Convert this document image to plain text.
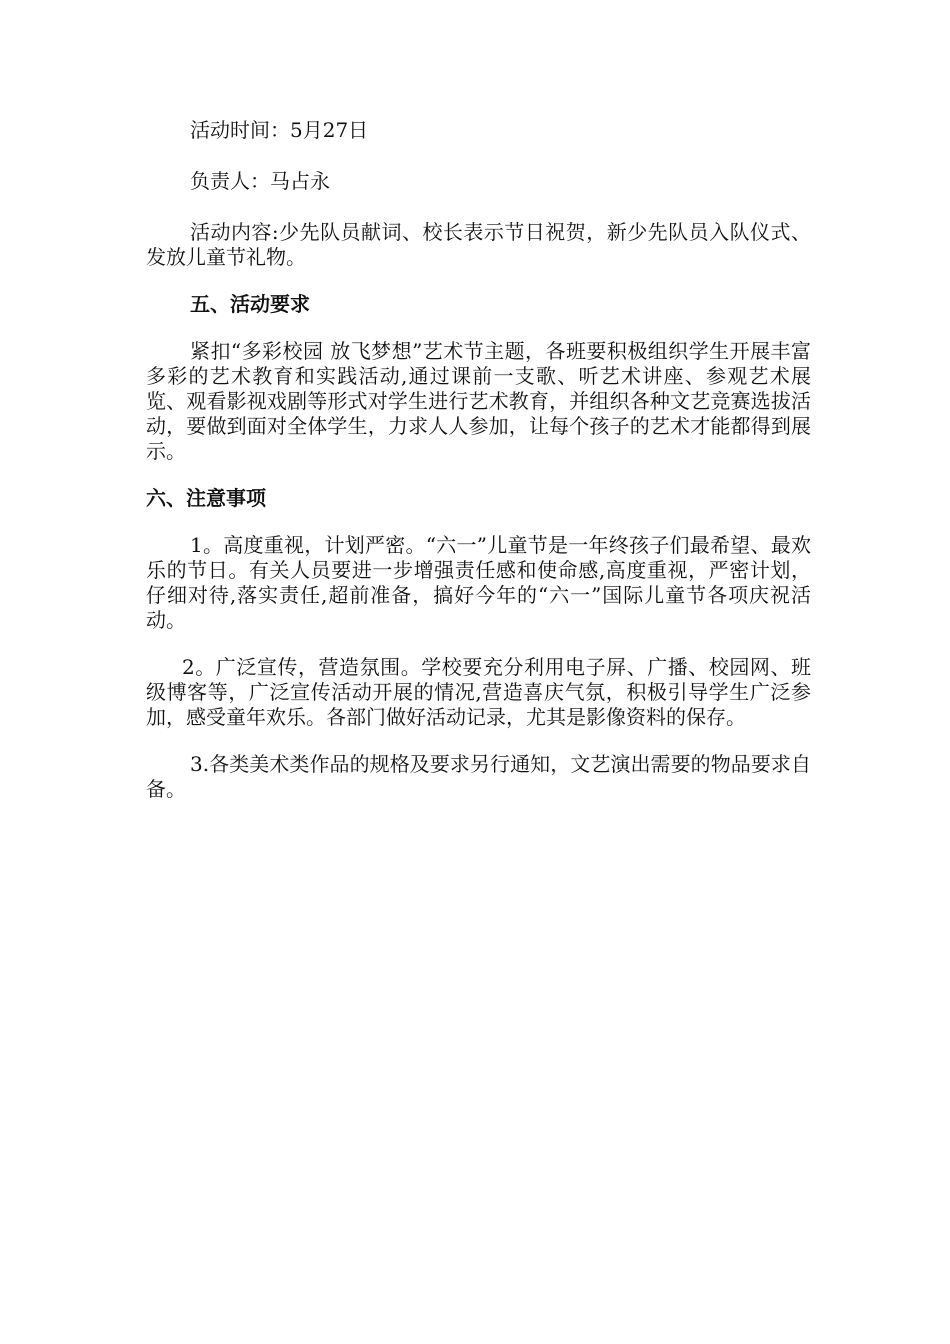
活动时间：5月27日

负责人：马占永

活动内容:少先队员献词、校长表示节日祝贺，新少先队员入队仪式、发放儿童节礼物。

五、活动要求

紧扣“多彩校园 放飞梦想”艺术节主题，各班要积极组织学生开展丰富多彩的艺术教育和实践活动,通过课前一支歌、听艺术讲座、参观艺术展览、观看影视戏剧等形式对学生进行艺术教育，并组织各种文艺竞赛选拔活动，要做到面对全体学生，力求人人参加，让每个孩子的艺术才能都得到展示。

六、注意事项

1。高度重视，计划严密。“六一”儿童节是一年终孩子们最希望、最欢乐的节日。有关人员要进一步增强责任感和使命感,高度重视，严密计划，仔细对待,落实责任,超前准备，搞好今年的“六一”国际儿童节各项庆祝活动。

2。广泛宣传，营造氛围。学校要充分利用电子屏、广播、校园网、班级博客等，广泛宣传活动开展的情况,营造喜庆气氛，积极引导学生广泛参加，感受童年欢乐。各部门做好活动记录，尤其是影像资料的保存。

3.各类美术类作品的规格及要求另行通知，文艺演出需要的物品要求自备。
